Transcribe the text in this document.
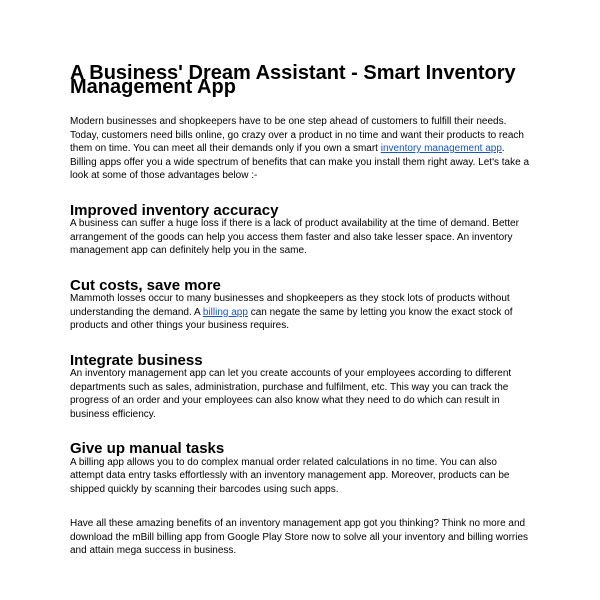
A Business' Dream Assistant - Smart Inventory Management App

Modern businesses and shopkeepers have to be one step ahead of customers to fulfill their needs. Today, customers need bills online, go crazy over a product in no time and want their products to reach them on time. You can meet all their demands only if you own a smart inventory management app. Billing apps offer you a wide spectrum of benefits that can make you install them right away. Let's take a look at some of those advantages below :-

Improved inventory accuracy

A business can suffer a huge loss if there is a lack of product availability at the time of demand. Better arrangement of the goods can help you access them faster and also take lesser space. An inventory management app can definitely help you in the same.

Cut costs, save more

Mammoth losses occur to many businesses and shopkeepers as they stock lots of products without understanding the demand. A billing app can negate the same by letting you know the exact stock of products and other things your business requires.

Integrate business

An inventory management app can let you create accounts of your employees according to different departments such as sales, administration, purchase and fulfilment, etc. This way you can track the progress of an order and your employees can also know what they need to do which can result in business efficiency.

Give up manual tasks

A billing app allows you to do complex manual order related calculations in no time. You can also attempt data entry tasks effortlessly with an inventory management app. Moreover, products can be shipped quickly by scanning their barcodes using such apps.

Have all these amazing benefits of an inventory management app got you thinking? Think no more and download the mBill billing app from Google Play Store now to solve all your inventory and billing worries and attain mega success in business.
